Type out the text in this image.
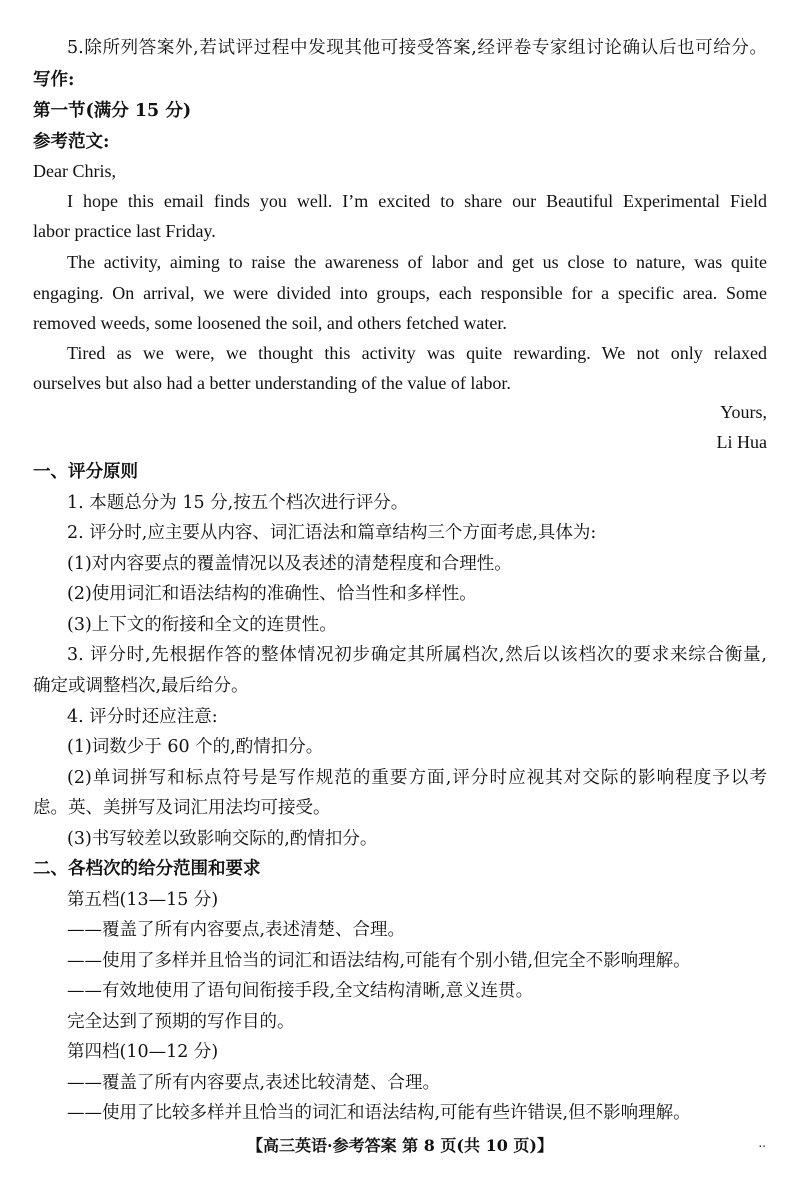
5.除所列答案外,若试评过程中发现其他可接受答案,经评卷专家组讨论确认后也可给分。
写作:
第一节(满分 15 分)
参考范文:
Dear Chris,
I hope this email finds you well. I’m excited to share our Beautiful Experimental Field
labor practice last Friday.
The activity, aiming to raise the awareness of labor and get us close to nature, was quite
engaging. On arrival, we were divided into groups, each responsible for a specific area. Some
removed weeds, some loosened the soil, and others fetched water.
Tired as we were, we thought this activity was quite rewarding. We not only relaxed
ourselves but also had a better understanding of the value of labor.
Yours,
Li Hua
一、评分原则
1. 本题总分为 15 分,按五个档次进行评分。
2. 评分时,应主要从内容、词汇语法和篇章结构三个方面考虑,具体为:
(1)对内容要点的覆盖情况以及表述的清楚程度和合理性。
(2)使用词汇和语法结构的准确性、恰当性和多样性。
(3)上下文的衔接和全文的连贯性。
3. 评分时,先根据作答的整体情况初步确定其所属档次,然后以该档次的要求来综合衡量,
确定或调整档次,最后给分。
4. 评分时还应注意:
(1)词数少于 60 个的,酌情扣分。
(2)单词拼写和标点符号是写作规范的重要方面,评分时应视其对交际的影响程度予以考
虑。英、美拼写及词汇用法均可接受。
(3)书写较差以致影响交际的,酌情扣分。
二、各档次的给分范围和要求
第五档(13—15 分)
——覆盖了所有内容要点,表述清楚、合理。
——使用了多样并且恰当的词汇和语法结构,可能有个别小错,但完全不影响理解。
——有效地使用了语句间衔接手段,全文结构清晰,意义连贯。
完全达到了预期的写作目的。
第四档(10—12 分)
——覆盖了所有内容要点,表述比较清楚、合理。
——使用了比较多样并且恰当的词汇和语法结构,可能有些许错误,但不影响理解。
【高三英语·参考答案 第 8 页(共 10 页)】	..
